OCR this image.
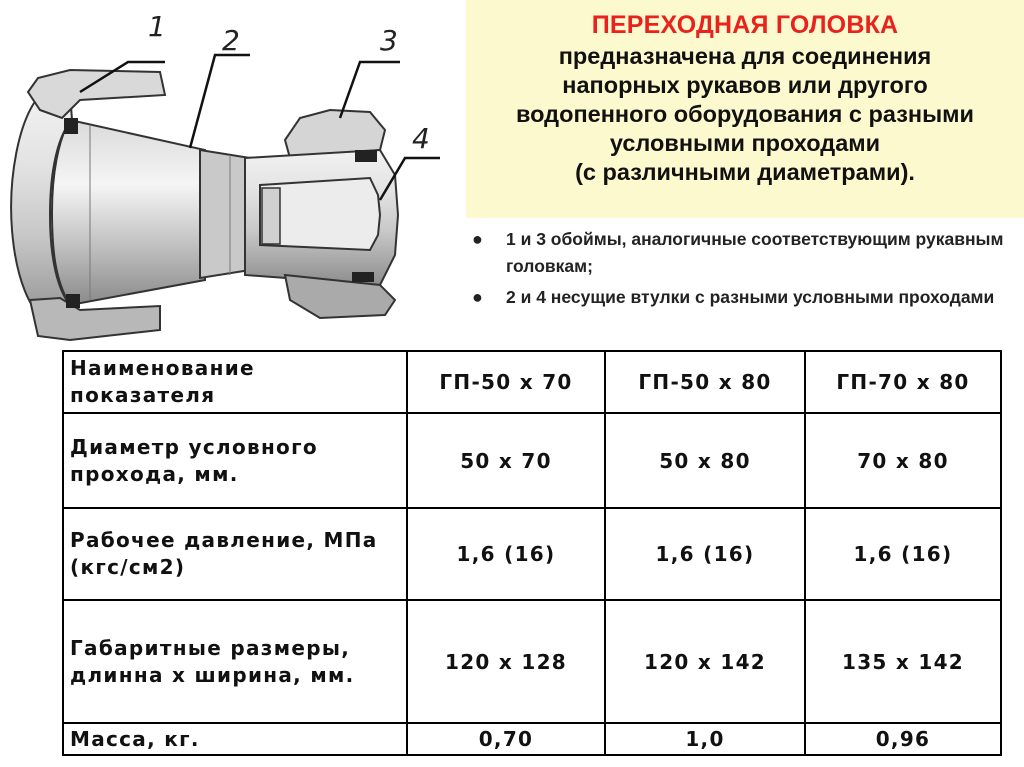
1 2	3
4
ПЕРЕХОДНАЯ ГОЛОВКА
предназначена для соединения
напорных рукавов или другого
водопенного оборудования с разными
условными проходами
(с различными диаметрами).
● 1 и 3 обоймы, аналогичные соответствующим рукавным головкам;
● 2 и 4 несущие втулки с разными условными проходами
Наименование показателя	ГП-50 х 70	ГП-50 х 80	ГП-70 х 80
Диаметр условного прохода, мм.	50 х 70	50 х 80	70 х 80
Рабочее давление, МПа (кгс/см2)	1,6 (16)	1,6 (16)	1,6 (16)
Габаритные размеры, длинна х ширина, мм.	120 х 128	120 х 142	135 х 142
Масса, кг.	0,70	1,0	0,96
